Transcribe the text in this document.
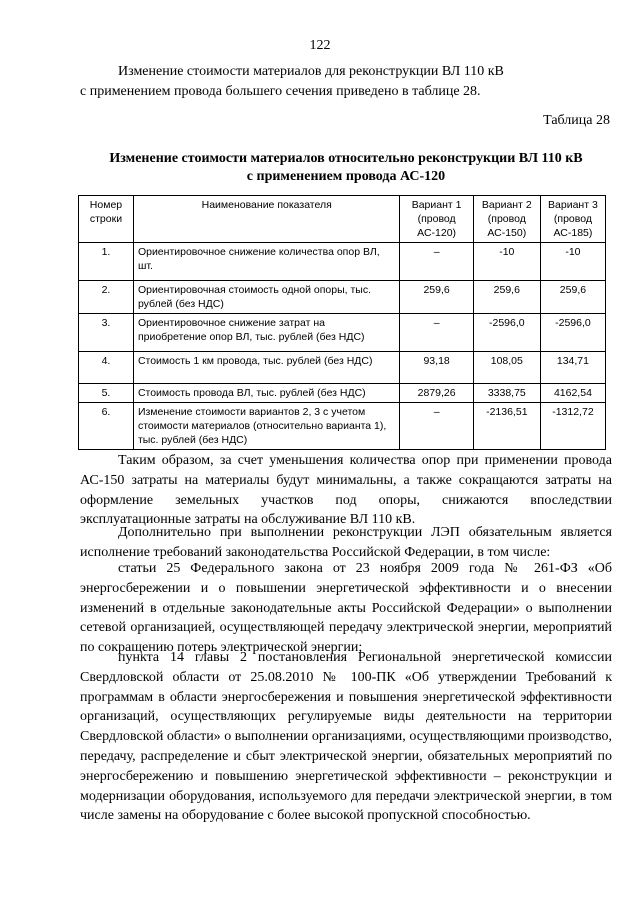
122

Изменение стоимости материалов для реконструкции ВЛ 110 кВ
с применением провода большего сечения приведено в таблице 28.

Таблица 28
Изменение стоимости материалов относительно реконструкции ВЛ 110 кВ
с применением провода АС-120
Номер строки	Наименование показателя	Вариант 1 (провод АС-120)	Вариант 2 (провод АС-150)	Вариант 3 (провод АС-185)
1.	Ориентировочное снижение количества опор ВЛ, шт.	–	-10	-10
2.	Ориентировочная стоимость одной опоры, тыс. рублей (без НДС)	259,6	259,6	259,6
3.	Ориентировочное снижение затрат на приобретение опор ВЛ, тыс. рублей (без НДС)	–	-2596,0	-2596,0
4.	Стоимость 1 км провода, тыс. рублей (без НДС)	93,18	108,05	134,71
5.	Стоимость провода ВЛ, тыс. рублей (без НДС)	2879,26	3338,75	4162,54
6.	Изменение стоимости вариантов 2, 3 с учетом стоимости материалов (относительно варианта 1), тыс. рублей (без НДС)	–	-2136,51	-1312,72

Таким образом, за счет уменьшения количества опор при применении провода АС-150 затраты на материалы будут минимальны, а также сокращаются затраты на оформление земельных участков под опоры, снижаются впоследствии эксплуатационные затраты на обслуживание ВЛ 110 кВ.

Дополнительно при выполнении реконструкции ЛЭП обязательным является исполнение требований законодательства Российской Федерации, в том числе:

статьи 25 Федерального закона от 23 ноября 2009 года № 261-ФЗ «Об энергосбережении и о повышении энергетической эффективности и о внесении изменений в отдельные законодательные акты Российской Федерации» о выполнении сетевой организацией, осуществляющей передачу электрической энергии, мероприятий по сокращению потерь электрической энергии;

пункта 14 главы 2 постановления Региональной энергетической комиссии Свердловской области от 25.08.2010 № 100-ПК «Об утверждении Требований к программам в области энергосбережения и повышения энергетической эффективности организаций, осуществляющих регулируемые виды деятельности на территории Свердловской области» о выполнении организациями, осуществляющими производство, передачу, распределение и сбыт электрической энергии, обязательных мероприятий по энергосбережению и повышению энергетической эффективности – реконструкции и модернизации оборудования, используемого для передачи электрической энергии, в том числе замены на оборудование с более высокой пропускной способностью.
